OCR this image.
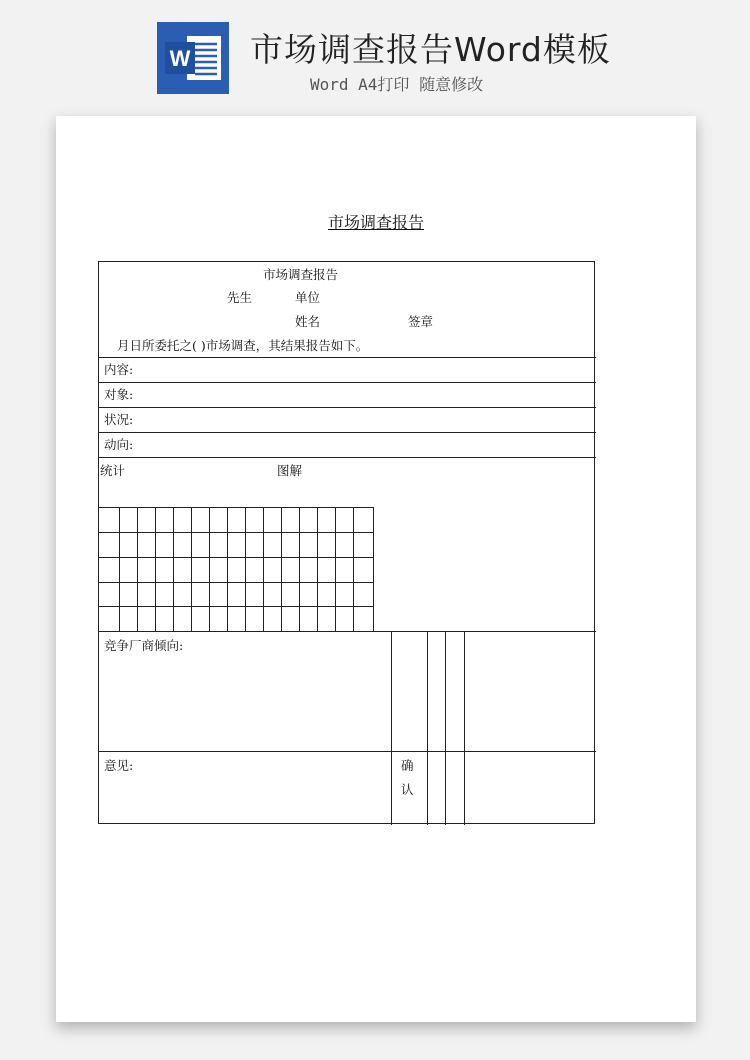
W 市场调查报告Word模板
Word A4打印 随意修改
市场调查报告
市场调查报告
先生	单位
姓名	签章
月日所委托之( )市场调查，其结果报告如下。
内容:
对象:
状况:
动向:
统计	图解
竞争厂商倾向:
意见:	确
认
